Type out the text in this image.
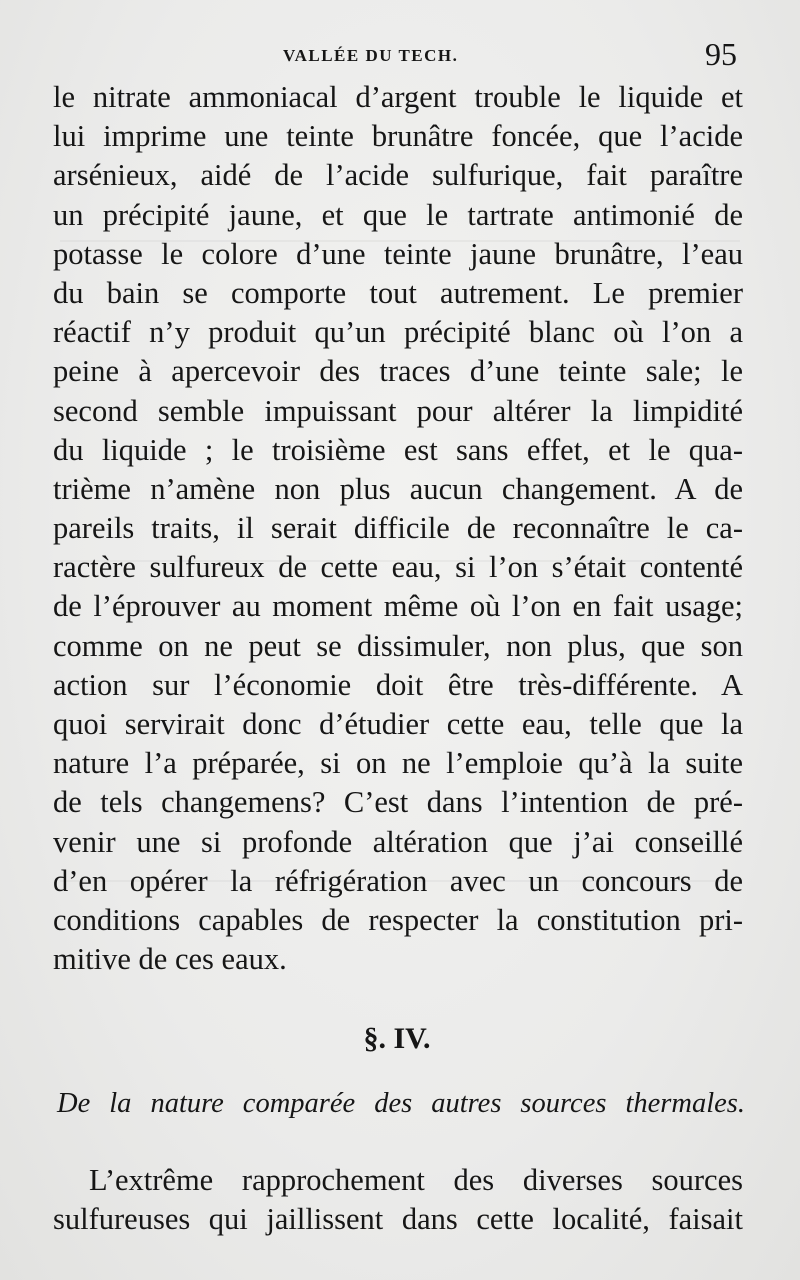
VALLÉE DU TECH.	95
le nitrate ammoniacal d’argent trouble le liquide et
lui imprime une teinte brunâtre foncée, que l’acide
arsénieux, aidé de l’acide sulfurique, fait paraître
un précipité jaune, et que le tartrate antimonié de
potasse le colore d’une teinte jaune brunâtre, l’eau
du bain se comporte tout autrement. Le premier
réactif n’y produit qu’un précipité blanc où l’on a
peine à apercevoir des traces d’une teinte sale; le
second semble impuissant pour altérer la limpidité
du liquide ; le troisième est sans effet, et le qua-
trième n’amène non plus aucun changement. A de
pareils traits, il serait difficile de reconnaître le ca-
ractère sulfureux de cette eau, si l’on s’était contenté
de l’éprouver au moment même où l’on en fait usage;
comme on ne peut se dissimuler, non plus, que son
action sur l’économie doit être très-différente. A
quoi servirait donc d’étudier cette eau, telle que la
nature l’a préparée, si on ne l’emploie qu’à la suite
de tels changemens? C’est dans l’intention de pré-
venir une si profonde altération que j’ai conseillé
d’en opérer la réfrigération avec un concours de
conditions capables de respecter la constitution pri-
mitive de ces eaux.
§. IV.
De la nature comparée des autres sources thermales.
L’extrême rapprochement des diverses sources
sulfureuses qui jaillissent dans cette localité, faisait
